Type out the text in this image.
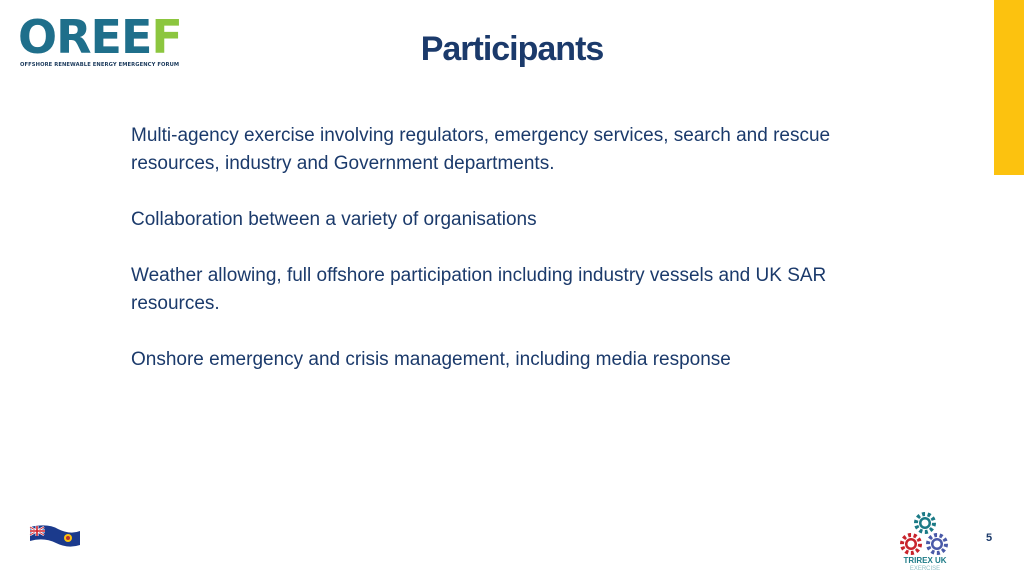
OREEF
OFFSHORE RENEWABLE ENERGY EMERGENCY FORUM	Participants

Multi-agency exercise involving regulators, emergency services, search and rescue resources, industry and Government departments.

Collaboration between a variety of organisations

Weather allowing, full offshore participation including industry vessels and UK SAR resources.

Onshore emergency and crisis management, including media response

5
TRIREX UK
EXERCISE
